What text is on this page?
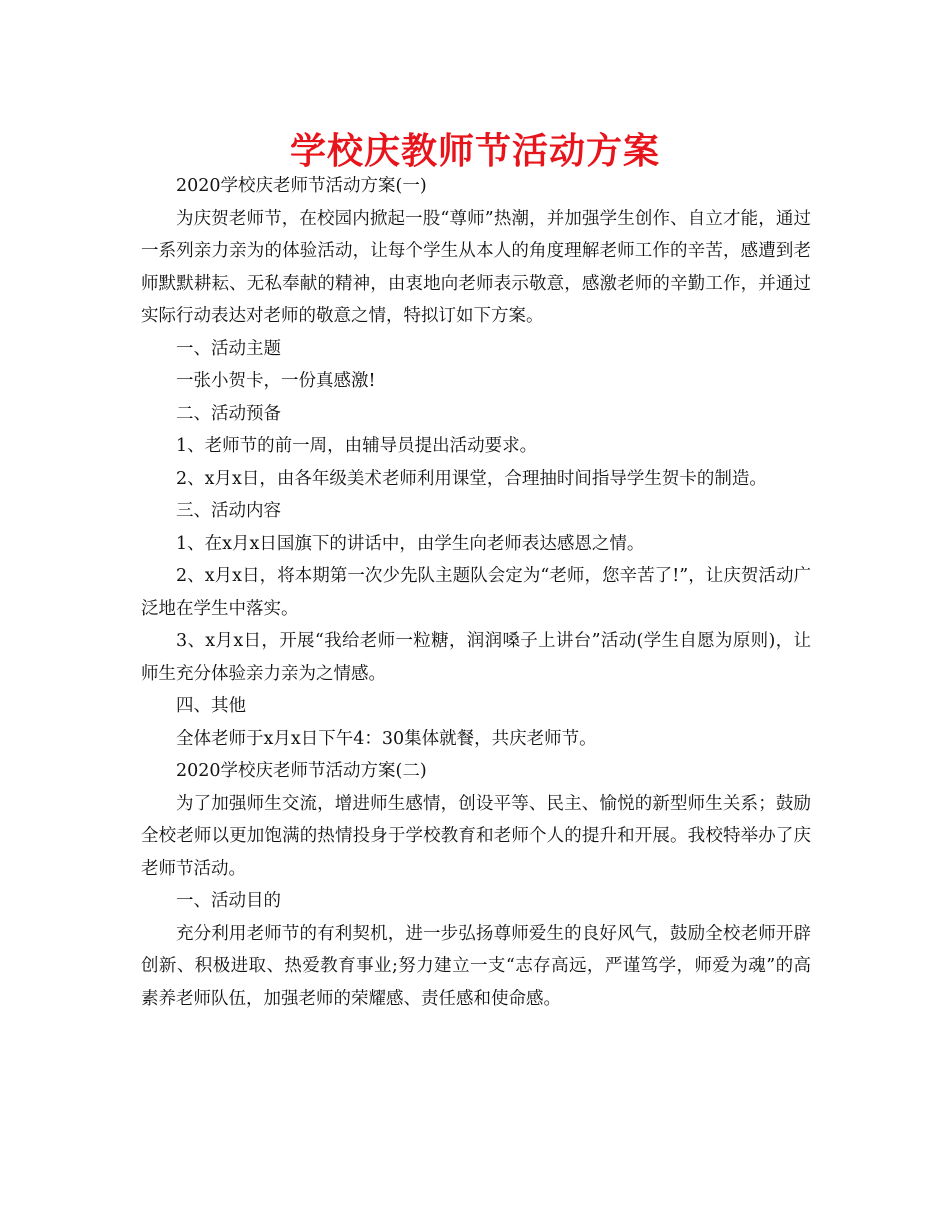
学校庆教师节活动方案

2020学校庆老师节活动方案(一)

为庆贺老师节，在校园内掀起一股“尊师”热潮，并加强学生创作、自立才能，通过一系列亲力亲为的体验活动，让每个学生从本人的角度理解老师工作的辛苦，感遭到老师默默耕耘、无私奉献的精神，由衷地向老师表示敬意，感激老师的辛勤工作，并通过实际行动表达对老师的敬意之情，特拟订如下方案。

一、活动主题

一张小贺卡，一份真感激!

二、活动预备

1、老师节的前一周，由辅导员提出活动要求。

2、x月x日，由各年级美术老师利用课堂，合理抽时间指导学生贺卡的制造。

三、活动内容

1、在x月x日国旗下的讲话中，由学生向老师表达感恩之情。

2、x月x日，将本期第一次少先队主题队会定为“老师，您辛苦了!”，让庆贺活动广泛地在学生中落实。

3、x月x日，开展“我给老师一粒糖，润润嗓子上讲台”活动(学生自愿为原则)，让师生充分体验亲力亲为之情感。

四、其他

全体老师于x月x日下午4：30集体就餐，共庆老师节。

2020学校庆老师节活动方案(二)

为了加强师生交流，增进师生感情，创设平等、民主、愉悦的新型师生关系；鼓励全校老师以更加饱满的热情投身于学校教育和老师个人的提升和开展。我校特举办了庆老师节活动。

一、活动目的

充分利用老师节的有利契机，进一步弘扬尊师爱生的良好风气，鼓励全校老师开辟创新、积极进取、热爱教育事业;努力建立一支“志存高远，严谨笃学，师爱为魂”的高素养老师队伍，加强老师的荣耀感、责任感和使命感。
